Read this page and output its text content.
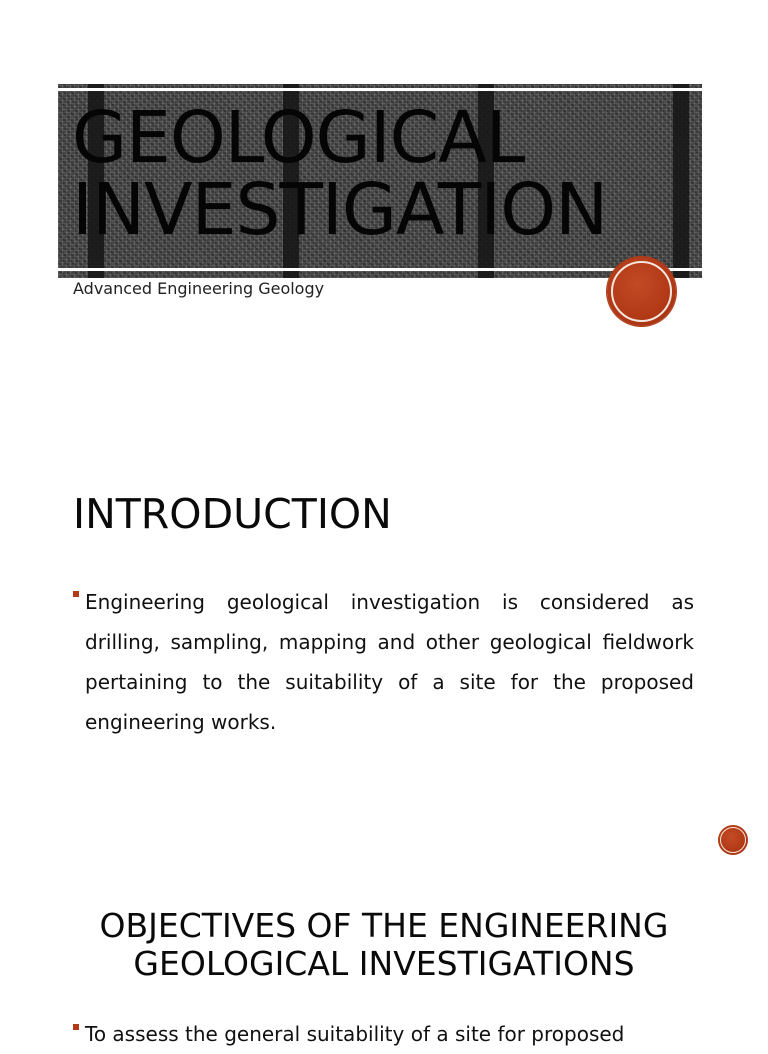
GEOLOGICAL
INVESTIGATION
Advanced Engineering Geology
INTRODUCTION

Engineering geological investigation is considered as drilling, sampling, mapping and other geological fieldwork pertaining to the suitability of a site for the proposed engineering works.

OBJECTIVES OF THE ENGINEERING GEOLOGICAL INVESTIGATIONS

To assess the general suitability of a site for proposed
